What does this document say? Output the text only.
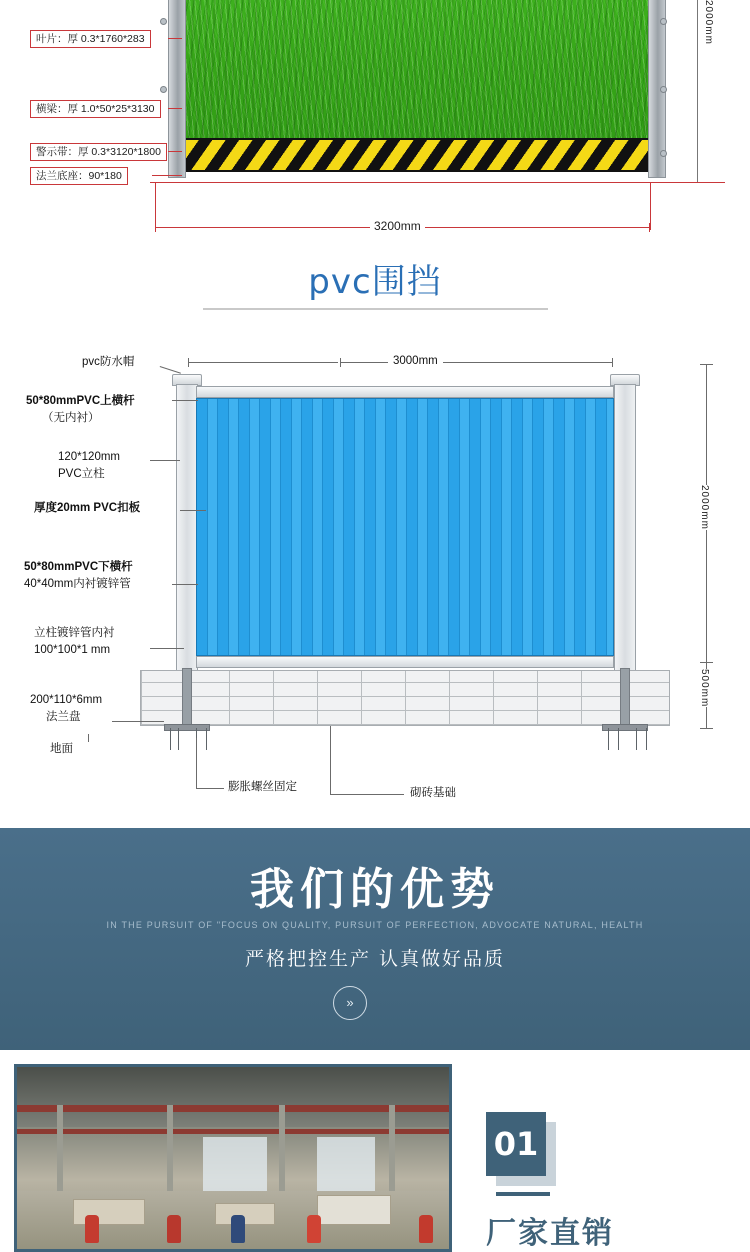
3200mm
2000mm
叶片：厚 0.3*1760*283
横梁：厚 1.0*50*25*3130
警示带：厚 0.3*3120*1800
法兰底座：90*180
pvc围挡
3000mm
2000mm
500mm
pvc防水帽
50*80mmPVC上横杆
（无内衬）
120*120mm
PVC立柱
厚度20mm PVC扣板
50*80mmPVC下横杆
40*40mm内衬镀锌管
立柱镀锌管内衬
100*100*1 mm
200*110*6mm
法兰盘
地面
膨胀螺丝固定	砌砖基础
我们的优势
IN THE PURSUIT OF "FOCUS ON QUALITY, PURSUIT OF PERFECTION, ADVOCATE NATURAL, HEALTH
严格把控生产 认真做好品质
»
01
厂家直销
